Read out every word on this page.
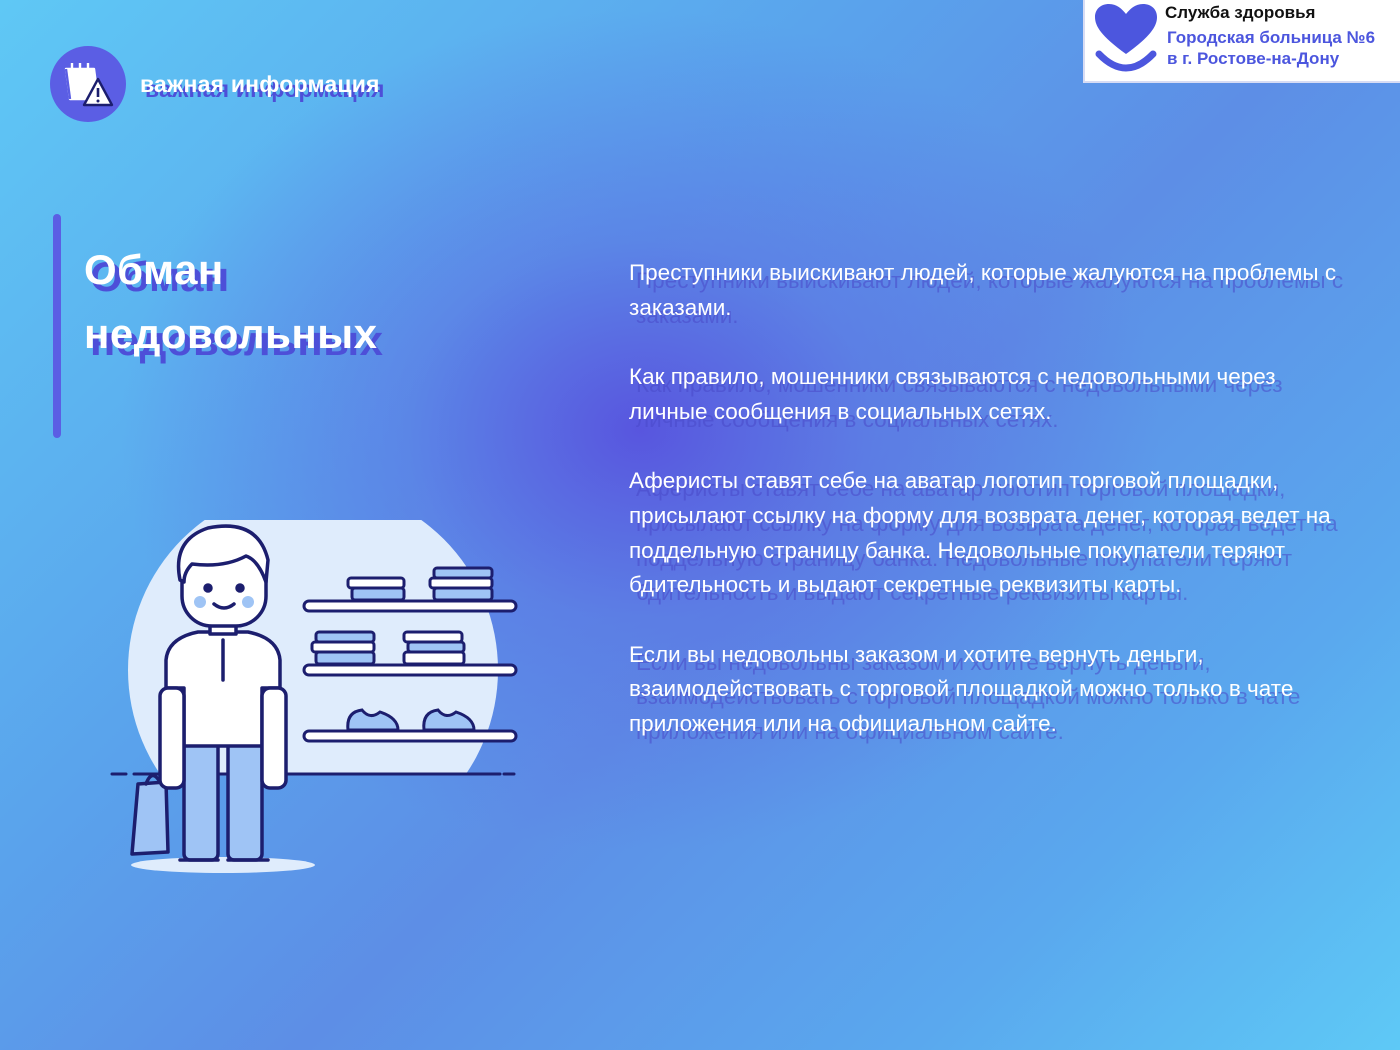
важная информация
Служба здоровья
Городская больница №6
в г. Ростове-на-Дону
Обман
недовольных

Преступники выискивают людей, которые жалуются на проблемы с заказами.

Как правило, мошенники связываются с недовольными через личные сообщения в социальных сетях.

Аферисты ставят себе на аватар логотип торговой площадки, присылают ссылку на форму для возврата денег, которая ведет на поддельную страницу банка. Недовольные покупатели теряют бдительность и выдают секретные реквизиты карты.

Если вы недовольны заказом и хотите вернуть деньги, взаимодействовать с торговой площадкой можно только в чате приложения или на официальном сайте.
